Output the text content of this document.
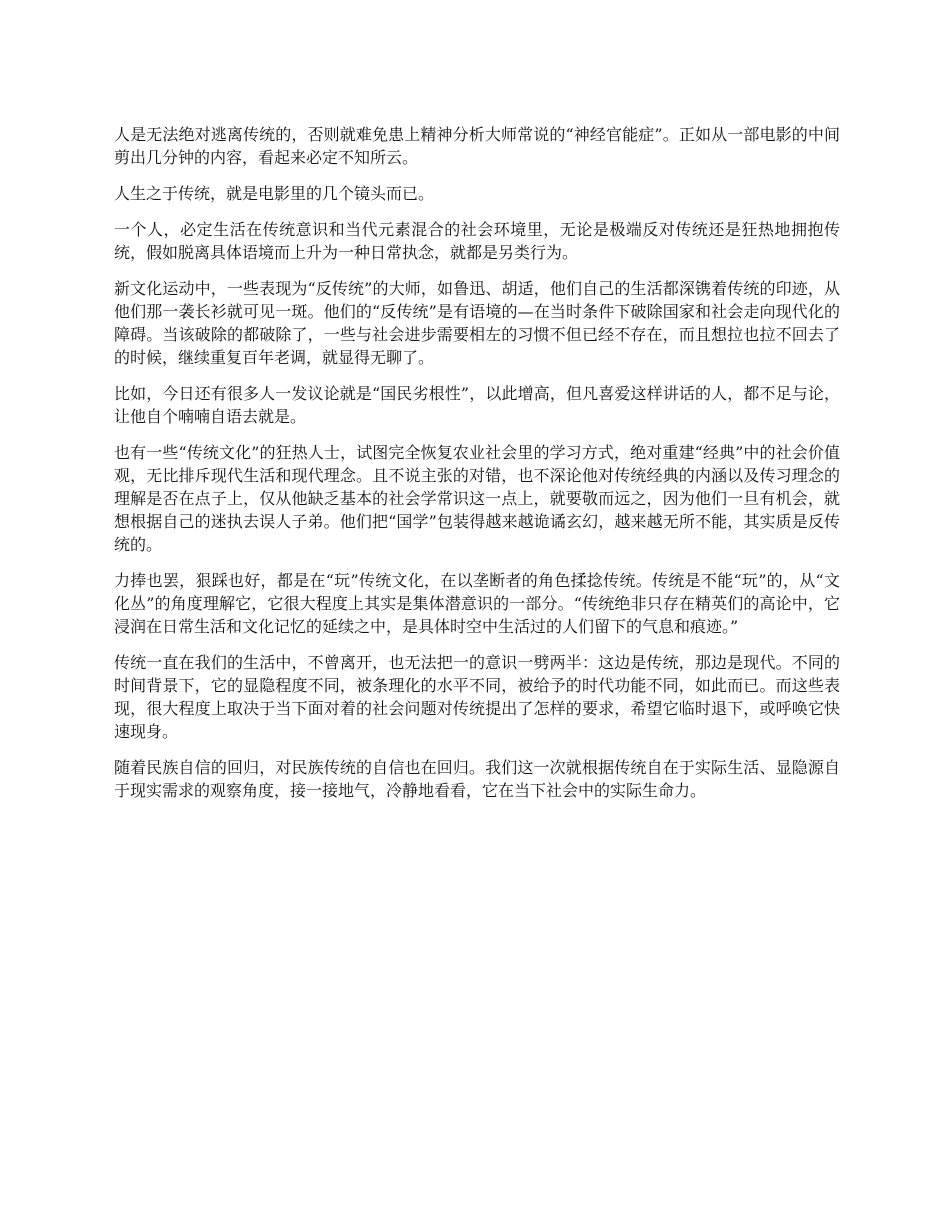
人是无法绝对逃离传统的，否则就难免患上精神分析大师常说的“神经官能症”。正如从一部电影的中间剪出几分钟的内容，看起来必定不知所云。

人生之于传统，就是电影里的几个镜头而已。

一个人，必定生活在传统意识和当代元素混合的社会环境里，无论是极端反对传统还是狂热地拥抱传统，假如脱离具体语境而上升为一种日常执念，就都是另类行为。

新文化运动中，一些表现为“反传统”的大师，如鲁迅、胡适，他们自己的生活都深镌着传统的印迹，从他们那一袭长衫就可见一斑。他们的“反传统”是有语境的—在当时条件下破除国家和社会走向现代化的障碍。当该破除的都破除了，一些与社会进步需要相左的习惯不但已经不存在，而且想拉也拉不回去了的时候，继续重复百年老调，就显得无聊了。

比如，今日还有很多人一发议论就是“国民劣根性”，以此增高，但凡喜爱这样讲话的人，都不足与论，让他自个喃喃自语去就是。

也有一些“传统文化”的狂热人士，试图完全恢复农业社会里的学习方式，绝对重建“经典”中的社会价值观，无比排斥现代生活和现代理念。且不说主张的对错，也不深论他对传统经典的内涵以及传习理念的理解是否在点子上，仅从他缺乏基本的社会学常识这一点上，就要敬而远之，因为他们一旦有机会，就想根据自己的迷执去误人子弟。他们把“国学”包装得越来越诡谲玄幻，越来越无所不能，其实质是反传统的。

力捧也罢，狠踩也好，都是在“玩”传统文化，在以垄断者的角色揉捻传统。传统是不能“玩”的，从“文化丛”的角度理解它，它很大程度上其实是集体潜意识的一部分。“传统绝非只存在精英们的高论中，它浸润在日常生活和文化记忆的延续之中，是具体时空中生活过的人们留下的气息和痕迹。”

传统一直在我们的生活中，不曾离开，也无法把一的意识一劈两半：这边是传统，那边是现代。不同的时间背景下，它的显隐程度不同，被条理化的水平不同，被给予的时代功能不同，如此而已。而这些表现，很大程度上取决于当下面对着的社会问题对传统提出了怎样的要求，希望它临时退下，或呼唤它快速现身。

随着民族自信的回归，对民族传统的自信也在回归。我们这一次就根据传统自在于实际生活、显隐源自于现实需求的观察角度，接一接地气，冷静地看看，它在当下社会中的实际生命力。
